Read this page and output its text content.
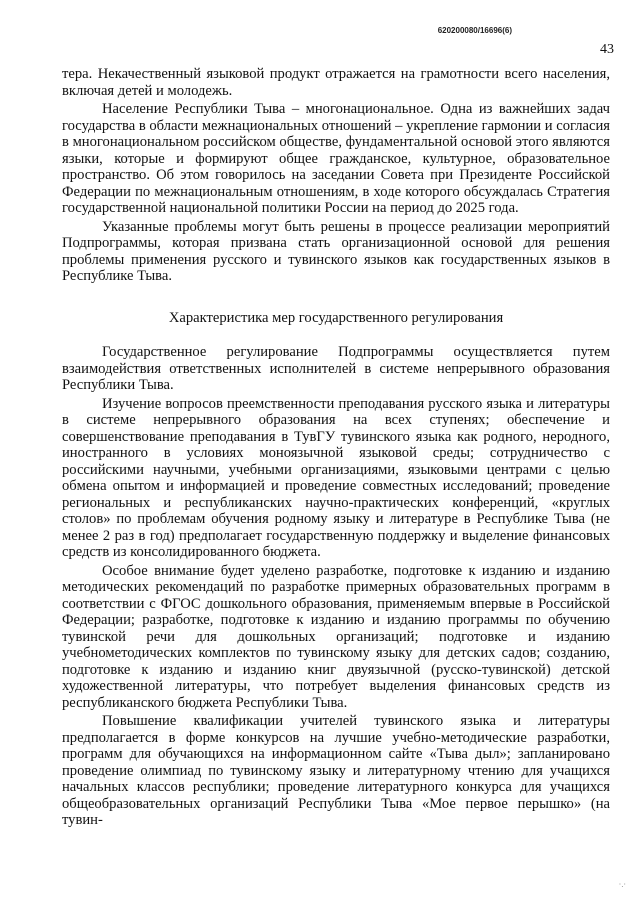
620200080/16696(6)
43

тера. Некачественный языковой продукт отражается на грамотности всего населения, включая детей и молодежь.

Население Республики Тыва – многонациональное. Одна из важнейших задач государства в области межнациональных отношений – укрепление гармонии и согласия в многонациональном российском обществе, фундаментальной основой этого являются языки, которые и формируют общее гражданское, культурное, образовательное пространство. Об этом говорилось на заседании Совета при Президенте Российской Федерации по межнациональным отношениям, в ходе которого обсуждалась Стратегия государственной национальной политики России на период до 2025 года.

Указанные проблемы могут быть решены в процессе реализации мероприятий Подпрограммы, которая призвана стать организационной основой для решения проблемы применения русского и тувинского языков как государственных языков в Республике Тыва.

Характеристика мер государственного регулирования

Государственное регулирование Подпрограммы осуществляется путем взаимодействия ответственных исполнителей в системе непрерывного образования Республики Тыва.

Изучение вопросов преемственности преподавания русского языка и литературы в системе непрерывного образования на всех ступенях; обеспечение и совершенствование преподавания в ТувГУ тувинского языка как родного, неродного, иностранного в условиях моноязычной языковой среды; сотрудничество с российскими научными, учебными организациями, языковыми центрами с целью обмена опытом и информацией и проведение совместных исследований; проведение региональных и республиканских научно-практических конференций, «круглых столов» по проблемам обучения родному языку и литературе в Республике Тыва (не менее 2 раз в год) предполагает государственную поддержку и выделение финансовых средств из консолидированного бюджета.

Особое внимание будет уделено разработке, подготовке к изданию и изданию методических рекомендаций по разработке примерных образовательных программ в соответствии с ФГОС дошкольного образования, применяемым впервые в Российской Федерации; разработке, подготовке к изданию и изданию программы по обучению тувинской речи для дошкольных организаций; подготовке и изданию учебнометодических комплектов по тувинскому языку для детских садов; созданию, подготовке к изданию и изданию книг двуязычной (русско-тувинской) детской художественной литературы, что потребует выделения финансовых средств из республиканского бюджета Республики Тыва.

Повышение квалификации учителей тувинского языка и литературы предполагается в форме конкурсов на лучшие учебно-методические разработки, программ для обучающихся на информационном сайте «Тыва дыл»; запланировано проведение олимпиад по тувинскому языку и литературному чтению для учащихся начальных классов республики; проведение литературного конкурса для учащихся общеобразовательных организаций Республики Тыва «Мое первое перышко» (на тувин-

·.·
